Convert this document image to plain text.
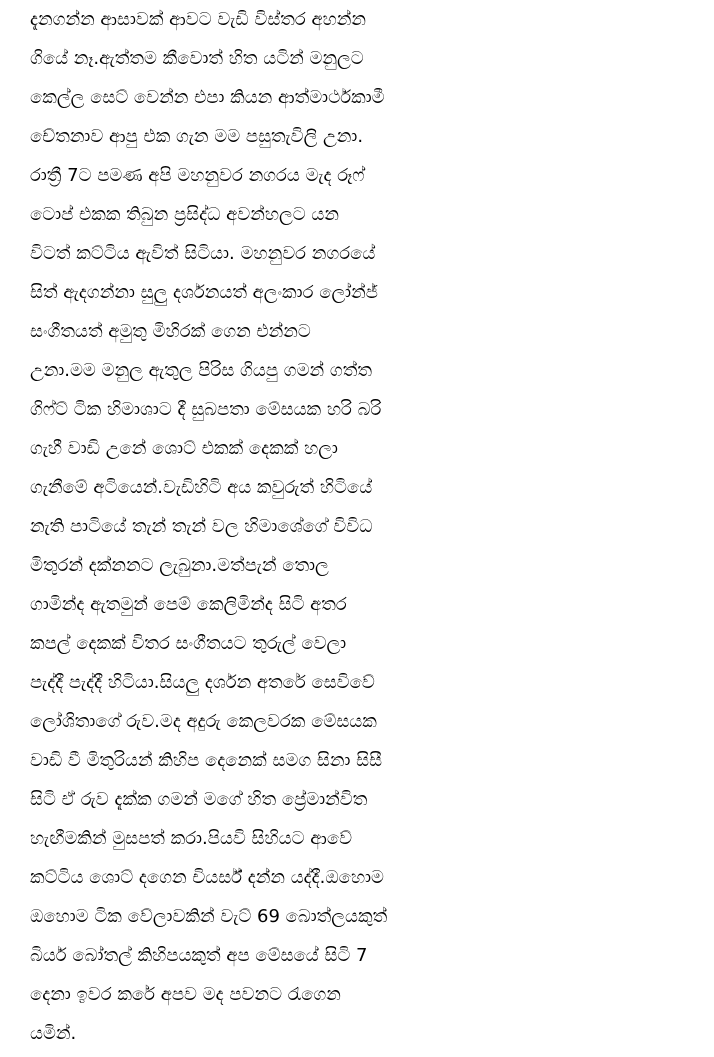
දැනගන්න ආසාවක් ආවට වැඩි විස්තර අහන්න
ගියේ නෑ.ඇත්තම කීවොත් හිත යටින් මනුලට
කෙල්ල සෙට් වෙන්න එපා කියන ආත්මාර්ථකාමී
චේතනාව ආපු එක ගැන මම පසුතැවිලි උනා.
රාත්‍රී 7ට පමණ අපි මහනුවර නගරය මැද රූෆ්
ටොප් එකක තිබුන ප්‍රසිද්ධ අවන්හලට යන
විටත් කට්ටිය ඇවිත් සිටියා. මහනුවර නගරයේ
සිත් ඇදගන්නා සුලු දර්ශනයත් අලංකාර ලෝන්ජ්
සංගීතයත් අමුතු මිහිරක් ගෙන එන්නට
උනා.මම මනුල ඇතුල පිරිස ගියපු ගමන් ගත්ත
ගිෆ්ට් ටික හිමාශාට දී සුබපතා මේසයක හරි බරි
ගැහී වාඩි උනේ ශොට් එකක් දෙකක් හලා
ගැනීමේ අටියෙන්.වැඩිහිටි අය කවුරුත් හිටියේ
නැති පාටියේ තැන් තැන් වල හිමාශේගේ විවිධ
මිතුරන් දක්නනට ලැබුනා.මත්පැන් තොල
ගාමින්ද ඇතමුන් පෙම් කෙලිමින්ද සිටි අතර
කපල් දෙකක් විතර සංගීතයට තුරුල් වෙලා
පැද්දී පැද්දී හිටියා.සියලු දර්ශන අතරේ සෙවිවේ
ලෝශිතාගේ රුව.මද අදුරු කෙලවරක මේසයක
වාඩි වී මිතුරියන් කිහිප දෙනෙක් සමග සිනා සිසී
සිටි ඒ රුව දැක්ක ගමන් මගේ හිත ප්‍රේමාන්විත
හැඟීමකින් මුසපත් කරා.පියවි සිහියට ආවේ
කට්ටිය ශොට් දගෙන චියර්ස් දන්න යද්දී.ඔහොම
ඔහොම ටික වේලාවකින් වැට් 69 බොත්ලයකුත්
බියර් බෝතල් කිහිපයකුත් අප මේසයේ සිටි 7
දෙනා ඉවර කරේ අපව මද පවනට රැගෙන
යමින්.
